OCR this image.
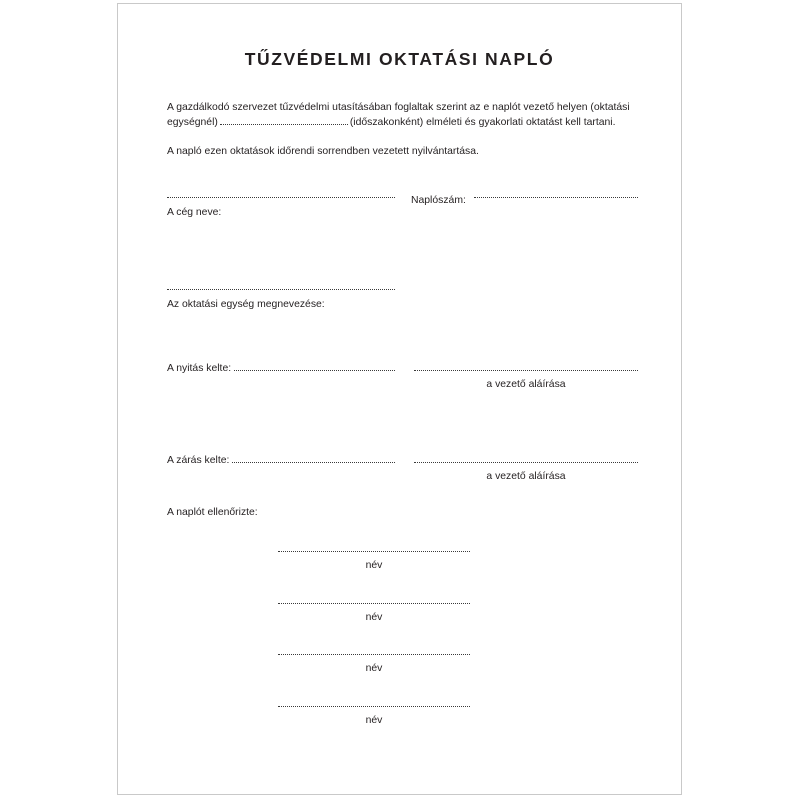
TŰZVÉDELMI OKTATÁSI NAPLÓ
A gazdálkodó szervezet tűzvédelmi utasításában foglaltak szerint az e naplót vezető helyen (oktatási egységnél)	(időszakonként) elméleti és gyakorlati oktatást kell tartani.
A napló ezen oktatások időrendi sorrendben vezetett nyilvántartása.
A cég neve:
Naplószám:
Az oktatási egység megnevezése:
A nyitás kelte:
a vezető aláírása
A zárás kelte:
a vezető aláírása
A naplót ellenőrizte:
név
név
név
név
